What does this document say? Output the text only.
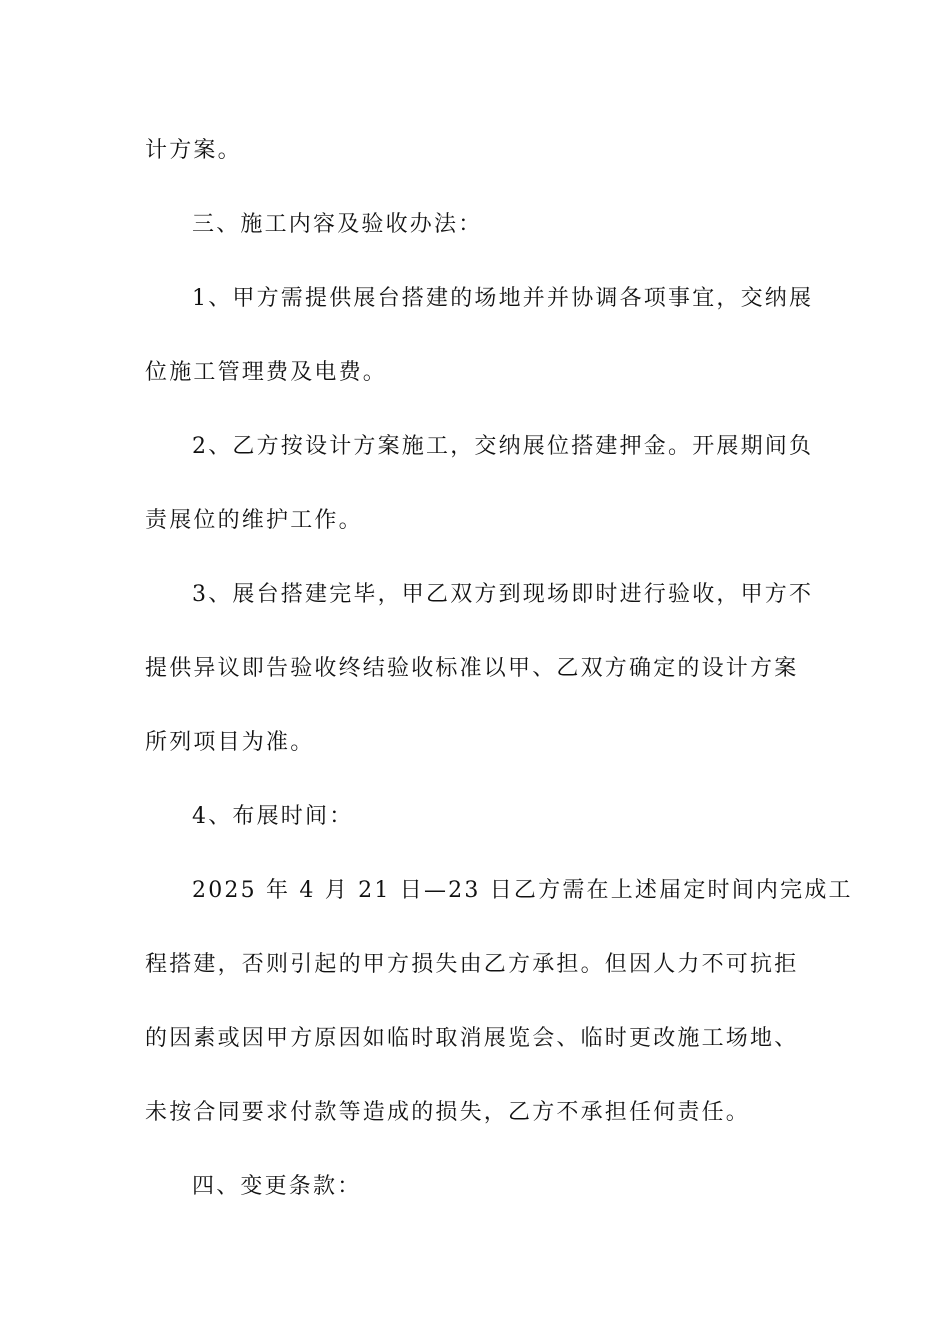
计方案。
三、施工内容及验收办法：
1、甲方需提供展台搭建的场地并并协调各项事宜，交纳展
位施工管理费及电费。
2、乙方按设计方案施工，交纳展位搭建押金。开展期间负
责展位的维护工作。
3、展台搭建完毕，甲乙双方到现场即时进行验收，甲方不
提供异议即告验收终结验收标准以甲、乙双方确定的设计方案
所列项目为准。
4、布展时间：
2025 年 4 月 21 日—23 日乙方需在上述届定时间内完成工
程搭建，否则引起的甲方损失由乙方承担。但因人力不可抗拒
的因素或因甲方原因如临时取消展览会、临时更改施工场地、
未按合同要求付款等造成的损失，乙方不承担任何责任。
四、变更条款：
